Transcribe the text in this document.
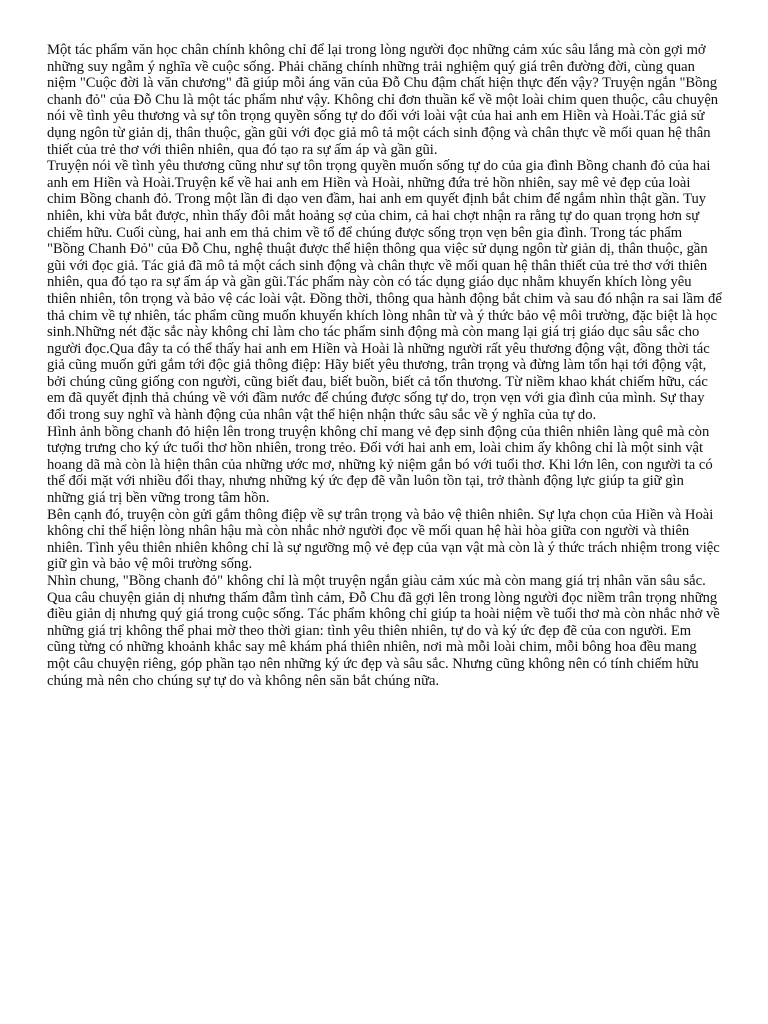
Một tác phẩm văn học chân chính không chỉ để lại trong lòng người đọc những cảm xúc sâu lắng mà còn gợi mở những suy ngẫm ý nghĩa về cuộc sống. Phải chăng chính những trải nghiệm quý giá trên đường đời, cùng quan niệm "Cuộc đời là văn chương" đã giúp mỗi áng văn của Đỗ Chu đậm chất hiện thực đến vậy? Truyện ngắn "Bồng chanh đỏ" của Đỗ Chu là một tác phẩm như vậy. Không chỉ đơn thuần kể về một loài chim quen thuộc, câu chuyện nói về tình yêu thương và sự tôn trọng quyền sống tự do đối với loài vật của hai anh em Hiền và Hoài.Tác giả sử dụng ngôn từ giản dị, thân thuộc, gần gũi với đọc giả mô tả một cách sinh động và chân thực về mối quan hệ thân thiết của trẻ thơ với thiên nhiên, qua đó tạo ra sự ấm áp và gần gũi.

Truyện nói về tình yêu thương cũng như sự tôn trọng quyền muốn sống tự do của gia đình Bồng chanh đỏ của hai anh em Hiền và Hoài.Truyện kể về hai anh em Hiền và Hoài, những đứa trẻ hồn nhiên, say mê vẻ đẹp của loài chim Bồng chanh đỏ. Trong một lần đi dạo ven đầm, hai anh em quyết định bắt chim để ngắm nhìn thật gần. Tuy nhiên, khi vừa bắt được, nhìn thấy đôi mắt hoảng sợ của chim, cả hai chợt nhận ra rằng tự do quan trọng hơn sự chiếm hữu. Cuối cùng, hai anh em thả chim về tổ để chúng được sống trọn vẹn bên gia đình. Trong tác phẩm "Bồng Chanh Đỏ" của Đỗ Chu, nghệ thuật được thể hiện thông qua việc sử dụng ngôn từ giản dị, thân thuộc, gần gũi với đọc giả. Tác giả đã mô tả một cách sinh động và chân thực về mối quan hệ thân thiết của trẻ thơ với thiên nhiên, qua đó tạo ra sự ấm áp và gần gũi.Tác phẩm này còn có tác dụng giáo dục nhằm khuyến khích lòng yêu thiên nhiên, tôn trọng và bảo vệ các loài vật. Đồng thời, thông qua hành động bắt chim và sau đó nhận ra sai lầm để thả chim về tự nhiên, tác phẩm cũng muốn khuyến khích lòng nhân từ và ý thức bảo vệ môi trường, đặc biệt là học sinh.Những nét đặc sắc này không chỉ làm cho tác phẩm sinh động mà còn mang lại giá trị giáo dục sâu sắc cho người đọc.Qua đây ta có thể thấy hai anh em Hiền và Hoài là những người rất yêu thương động vật, đồng thời tác giả cũng muốn gửi gắm tới độc giả thông điệp: Hãy biết yêu thương, trân trọng và đừng làm tổn hại tới động vật, bởi chúng cũng giống con người, cũng biết đau, biết buồn, biết cả tổn thương. Từ niềm khao khát chiếm hữu, các em đã quyết định thả chúng về với đầm nước để chúng được sống tự do, trọn vẹn với gia đình của mình. Sự thay đổi trong suy nghĩ và hành động của nhân vật thể hiện nhận thức sâu sắc về ý nghĩa của tự do.

Hình ảnh bồng chanh đỏ hiện lên trong truyện không chỉ mang vẻ đẹp sinh động của thiên nhiên làng quê mà còn tượng trưng cho ký ức tuổi thơ hồn nhiên, trong trẻo. Đối với hai anh em, loài chim ấy không chỉ là một sinh vật hoang dã mà còn là hiện thân của những ước mơ, những kỷ niệm gắn bó với tuổi thơ. Khi lớn lên, con người ta có thể đối mặt với nhiều đổi thay, nhưng những ký ức đẹp đẽ vẫn luôn tồn tại, trở thành động lực giúp ta giữ gìn những giá trị bền vững trong tâm hồn.

Bên cạnh đó, truyện còn gửi gắm thông điệp về sự trân trọng và bảo vệ thiên nhiên. Sự lựa chọn của Hiền và Hoài không chỉ thể hiện lòng nhân hậu mà còn nhắc nhở người đọc về mối quan hệ hài hòa giữa con người và thiên nhiên. Tình yêu thiên nhiên không chỉ là sự ngưỡng mộ vẻ đẹp của vạn vật mà còn là ý thức trách nhiệm trong việc giữ gìn và bảo vệ môi trường sống.

Nhìn chung, "Bồng chanh đỏ" không chỉ là một truyện ngắn giàu cảm xúc mà còn mang giá trị nhân văn sâu sắc. Qua câu chuyện giản dị nhưng thấm đẫm tình cảm, Đỗ Chu đã gợi lên trong lòng người đọc niềm trân trọng những điều giản dị nhưng quý giá trong cuộc sống. Tác phẩm không chỉ giúp ta hoài niệm về tuổi thơ mà còn nhắc nhở về những giá trị không thể phai mờ theo thời gian: tình yêu thiên nhiên, tự do và ký ức đẹp đẽ của con người. Em cũng từng có những khoảnh khắc say mê khám phá thiên nhiên, nơi mà mỗi loài chim, mỗi bông hoa đều mang một câu chuyện riêng, góp phần tạo nên những ký ức đẹp và sâu sắc. Nhưng cũng không nên có tính chiếm hữu chúng mà nên cho chúng sự tự do và không nên săn bắt chúng nữa.
